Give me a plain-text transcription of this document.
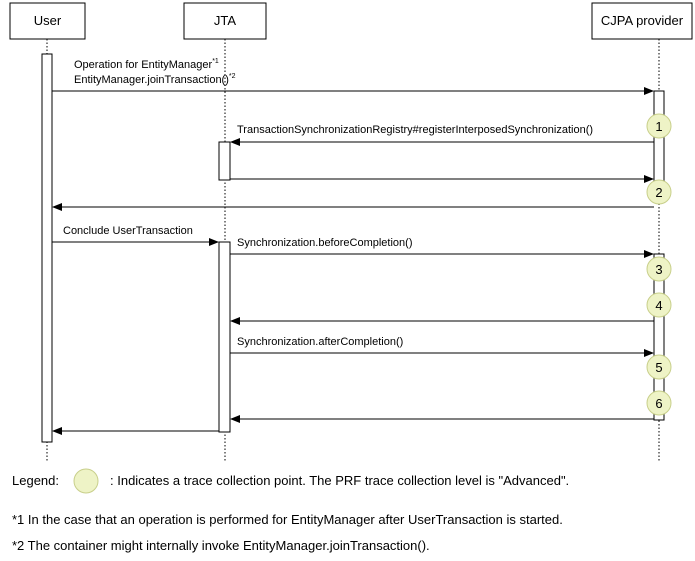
User	JTA	CJPA provider
Operation for EntityManager$^{*1}$
EntityManager.joinTransaction()$^{*2}$
TransactionSynchronizationRegistry#registerInterposedSynchronization()
Conclude UserTransaction
Synchronization.beforeCompletion()
Synchronization.afterCompletion()
1
2
3
4
5
6
Legend:	: Indicates a trace collection point. The PRF trace collection level is "Advanced".
*1 In the case that an operation is performed for EntityManager after UserTransaction is started.
*2 The container might internally invoke EntityManager.joinTransaction().
